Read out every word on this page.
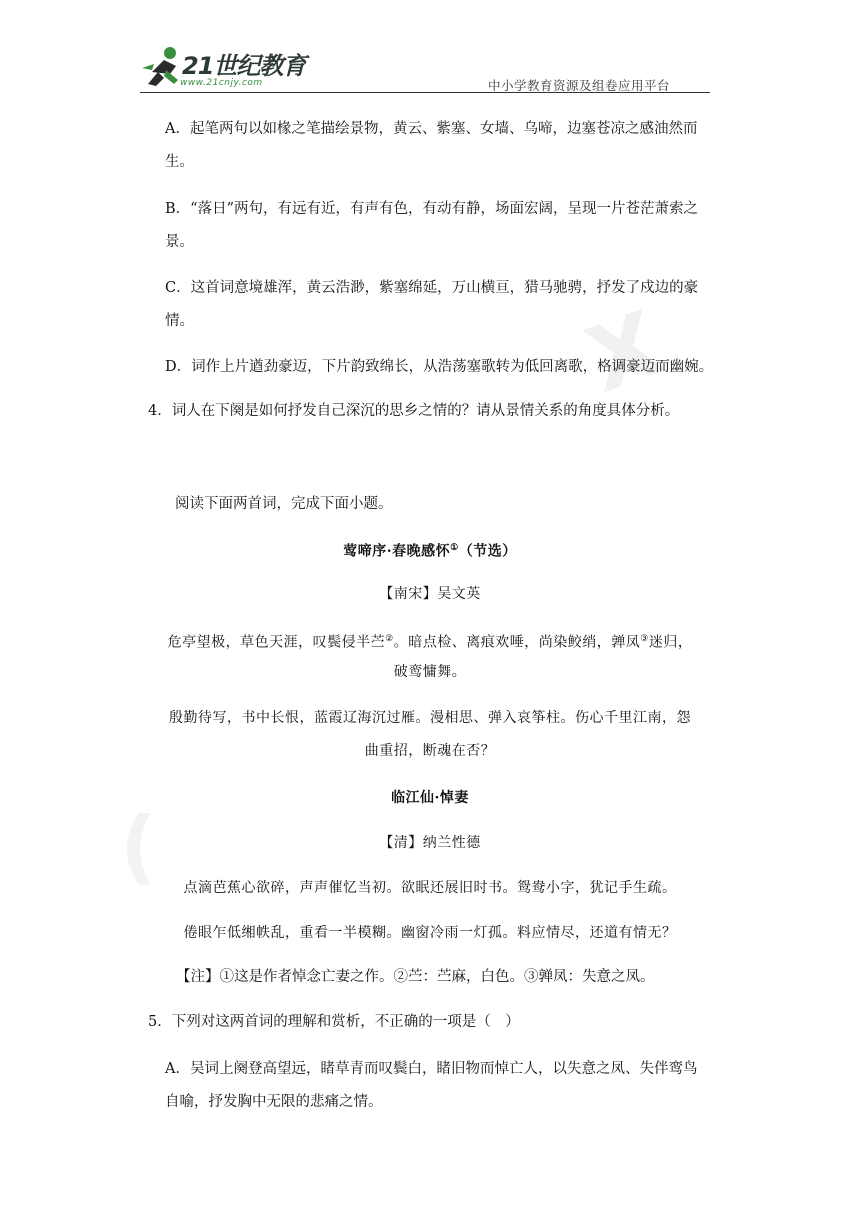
X
(
21世纪教育
www.21cnjy.com	中小学教育资源及组卷应用平台
A．起笔两句以如椽之笔描绘景物，黄云、紫塞、女墙、乌啼，边塞苍凉之感油然而
生。
B．“落日”两句，有远有近，有声有色，有动有静，场面宏阔，呈现一片苍茫萧索之
景。
C．这首词意境雄浑，黄云浩渺，紫塞绵延，万山横亘，猎马驰骋，抒发了戍边的豪
情。
D．词作上片遒劲豪迈，下片韵致绵长，从浩荡塞歌转为低回离歌，格调豪迈而幽婉。
4．词人在下阕是如何抒发自己深沉的思乡之情的？请从景情关系的角度具体分析。
阅读下面两首词，完成下面小题。
莺啼序·春晚感怀①（节选）
【南宋】吴文英
危亭望极，草色天涯，叹鬓侵半苎②。暗点检、离痕欢唾，尚染鲛绡，亸凤③迷归，
破鸾慵舞。
殷勤待写，书中长恨，蓝霞辽海沉过雁。漫相思、弹入哀筝柱。伤心千里江南，怨
曲重招，断魂在否？
临江仙·悼妻
【清】纳兰性德
点滴芭蕉心欲碎，声声催忆当初。欲眠还展旧时书。鸳鸯小字，犹记手生疏。
倦眼乍低缃帙乱，重看一半模糊。幽窗冷雨一灯孤。料应情尽，还道有情无？
【注】①这是作者悼念亡妻之作。②苎：苎麻，白色。③亸凤：失意之凤。
5．下列对这两首词的理解和赏析，不正确的一项是（　）
A．吴词上阕登高望远，睹草青而叹鬓白，睹旧物而悼亡人，以失意之凤、失伴鸾鸟
自喻，抒发胸中无限的悲痛之情。
